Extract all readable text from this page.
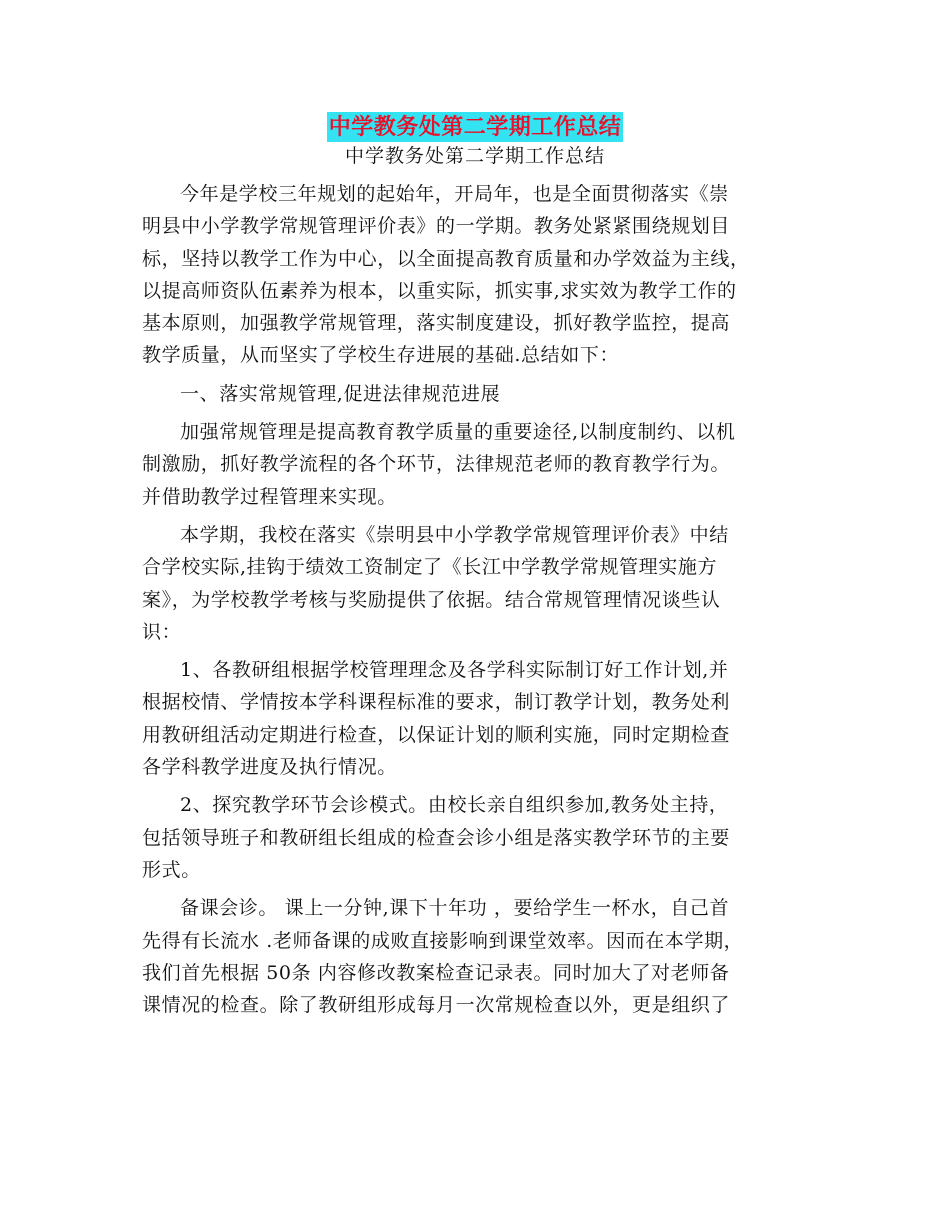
中学教务处第二学期工作总结
中学教务处第二学期工作总结
今年是学校三年规划的起始年，开局年，也是全面贯彻落实《崇
明县中小学教学常规管理评价表》的一学期。教务处紧紧围绕规划目
标，坚持以教学工作为中心，以全面提高教育质量和办学效益为主线，
以提高师资队伍素养为根本，以重实际，抓实事,求实效为教学工作的
基本原则，加强教学常规管理，落实制度建设，抓好教学监控，提高
教学质量，从而坚实了学校生存进展的基础.总结如下：
一、落实常规管理,促进法律规范进展
加强常规管理是提高教育教学质量的重要途径,以制度制约、以机
制激励，抓好教学流程的各个环节，法律规范老师的教育教学行为。
并借助教学过程管理来实现。
本学期，我校在落实《崇明县中小学教学常规管理评价表》中结
合学校实际,挂钩于绩效工资制定了《长江中学教学常规管理实施方
案》，为学校教学考核与奖励提供了依据。结合常规管理情况谈些认
识：
1、各教研组根据学校管理理念及各学科实际制订好工作计划,并
根据校情、学情按本学科课程标准的要求，制订教学计划，教务处利
用教研组活动定期进行检查，以保证计划的顺利实施，同时定期检查
各学科教学进度及执行情况。
2、探究教学环节会诊模式。由校长亲自组织参加,教务处主持，
包括领导班子和教研组长组成的检查会诊小组是落实教学环节的主要
形式。
备课会诊。 课上一分钟,课下十年功 ，要给学生一杯水，自己首
先得有长流水 .老师备课的成败直接影响到课堂效率。因而在本学期，
我们首先根据 50条 内容修改教案检查记录表。同时加大了对老师备
课情况的检查。除了教研组形成每月一次常规检查以外，更是组织了
